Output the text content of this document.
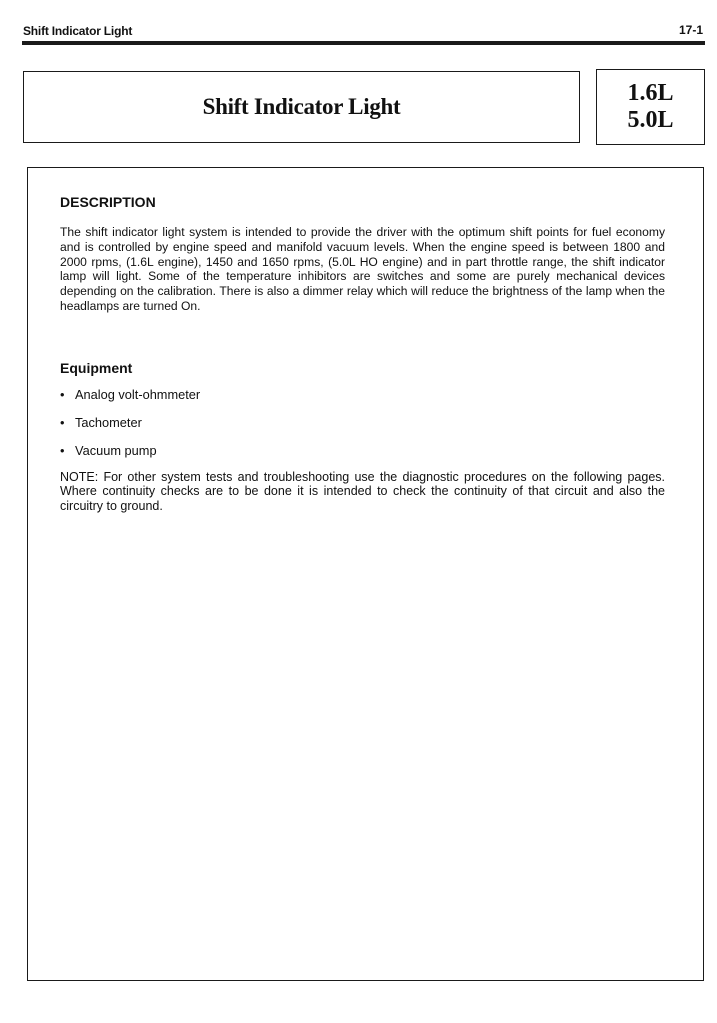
Shift Indicator Light	17-1
Shift Indicator Light
1.6L
5.0L
DESCRIPTION
The shift indicator light system is intended to provide the driver with the optimum shift points for fuel economy and is controlled by engine speed and manifold vacuum levels. When the engine speed is between 1800 and 2000 rpms, (1.6L engine), 1450 and 1650 rpms, (5.0L HO engine) and in part throttle range, the shift indicator lamp will light. Some of the temperature inhibitors are switches and some are purely mechanical devices depending on the calibration. There is also a dimmer relay which will reduce the brightness of the lamp when the headlamps are turned On.
Equipment
• Analog volt-ohmmeter
• Tachometer
• Vacuum pump
NOTE: For other system tests and troubleshooting use the diagnostic procedures on the following pages. Where continuity checks are to be done it is intended to check the continuity of that circuit and also the circuitry to ground.
